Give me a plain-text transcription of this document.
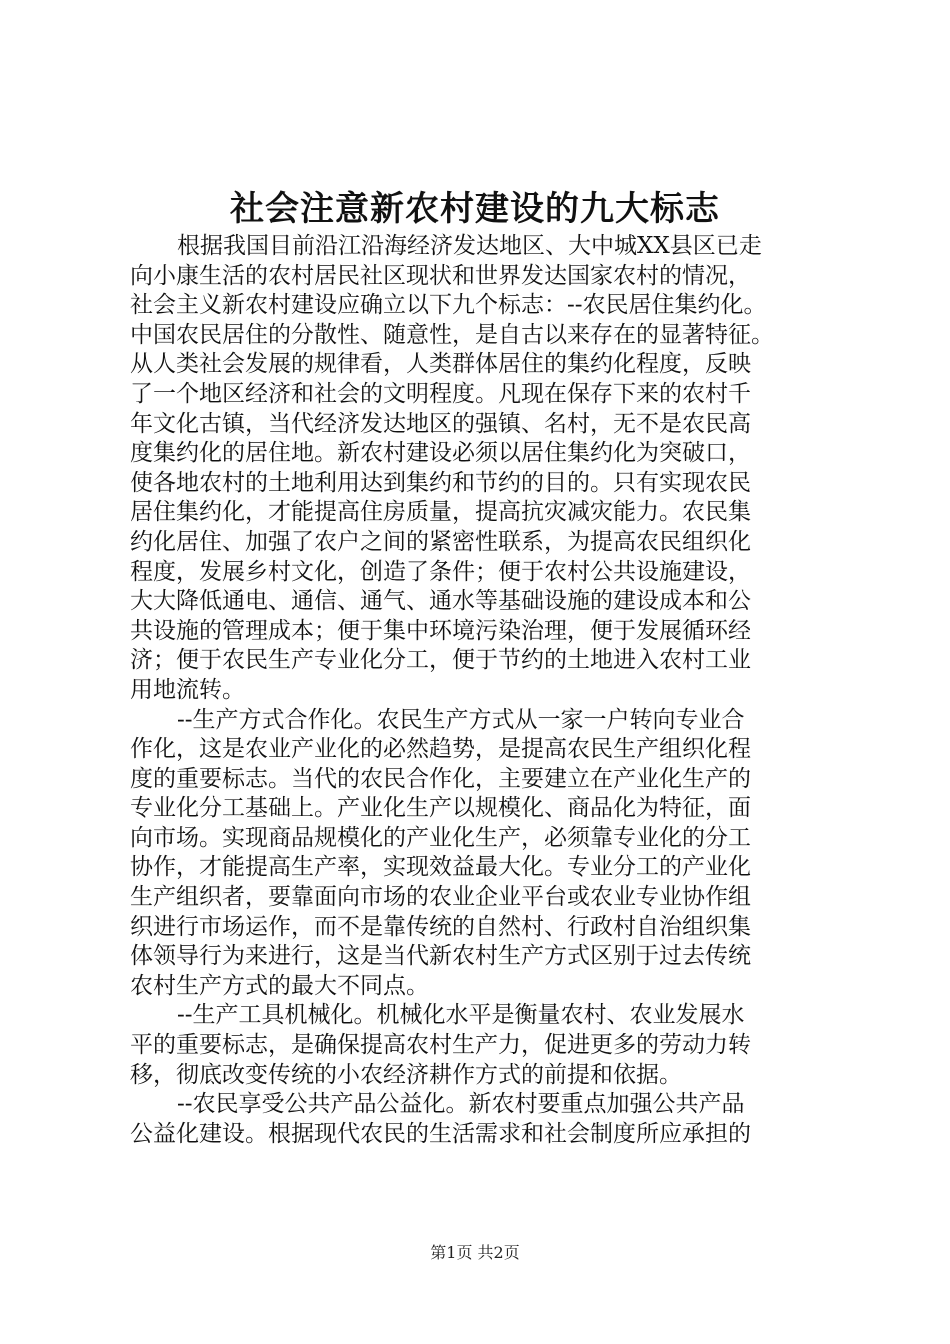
社会注意新农村建设的九大标志
根据我国目前沿江沿海经济发达地区、大中城XX县区已走
向小康生活的农村居民社区现状和世界发达国家农村的情况，
社会主义新农村建设应确立以下九个标志：--农民居住集约化。
中国农民居住的分散性、随意性，是自古以来存在的显著特征。
从人类社会发展的规律看，人类群体居住的集约化程度，反映
了一个地区经济和社会的文明程度。凡现在保存下来的农村千
年文化古镇，当代经济发达地区的强镇、名村，无不是农民高
度集约化的居住地。新农村建设必须以居住集约化为突破口，
使各地农村的土地利用达到集约和节约的目的。只有实现农民
居住集约化，才能提高住房质量，提高抗灾减灾能力。农民集
约化居住、加强了农户之间的紧密性联系，为提高农民组织化
程度，发展乡村文化，创造了条件；便于农村公共设施建设，
大大降低通电、通信、通气、通水等基础设施的建设成本和公
共设施的管理成本；便于集中环境污染治理，便于发展循环经
济；便于农民生产专业化分工，便于节约的土地进入农村工业
用地流转。
--生产方式合作化。农民生产方式从一家一户转向专业合
作化，这是农业产业化的必然趋势，是提高农民生产组织化程
度的重要标志。当代的农民合作化，主要建立在产业化生产的
专业化分工基础上。产业化生产以规模化、商品化为特征，面
向市场。实现商品规模化的产业化生产，必须靠专业化的分工
协作，才能提高生产率，实现效益最大化。专业分工的产业化
生产组织者，要靠面向市场的农业企业平台或农业专业协作组
织进行市场运作，而不是靠传统的自然村、行政村自治组织集
体领导行为来进行，这是当代新农村生产方式区别于过去传统
农村生产方式的最大不同点。
--生产工具机械化。机械化水平是衡量农村、农业发展水
平的重要标志，是确保提高农村生产力，促进更多的劳动力转
移，彻底改变传统的小农经济耕作方式的前提和依据。
--农民享受公共产品公益化。新农村要重点加强公共产品
公益化建设。根据现代农民的生活需求和社会制度所应承担的
第1页 共2页
